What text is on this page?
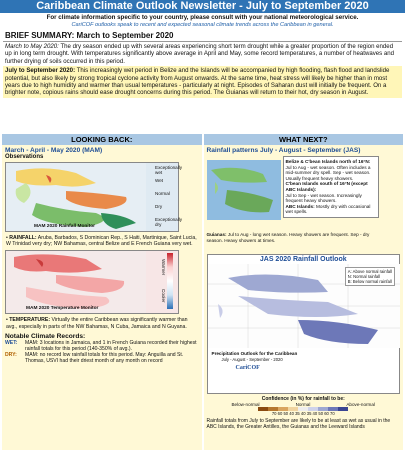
Caribbean Climate Outlook Newsletter - July to September 2020
For climate information specific to your country, please consult with your national meteorological service.
CariCOF outlooks speak to recent and expected seasonal climate trends across the Caribbean in general.
BRIEF SUMMARY: March to September 2020

March to May 2020: The dry season ended up with several areas experiencing short term drought while a greater proportion of the region ended up in long term drought. With temperatures significantly above average in April and May, some record temperatures, a number of heatwaves and further drying of soils occurred in this period.

July to September 2020: This increasingly wet period in Belize and the Islands will be accompanied by high flooding, flash flood and landslide potential, but also likely by strong tropical cyclone activity from August onwards. At the same time, heat stress will likely be higher than in most years due to high humidity and warmer than usual temperatures - particularly at night. Episodes of Saharan dust will initially be frequent. On a brighter note, copious rains should ease drought concerns during this period. The Guianas will return to their hot, dry season in August.

LOOKING BACK:
March - April - May 2020 (MAM)
Observations
Exceptionally wet
Wet
Normal
Dry
Exceptionally dry
MAM 2020 Rainfall Monitor
• RAINFALL: Aruba, Barbados, S Dominican Rep., S Haiti, Martinique, Saint Lucia, W Trinidad very dry; NW Bahamas, central Belize and E French Guiana very wet.
Warmer
Cooler
MAM 2020 Temperature Monitor
• TEMPERATURE: Virtually the entire Caribbean was significantly warmer than avg., especially in parts of the NW Bahamas, N Cuba, Jamaica and N Guyana.
Notable Climate Records:
WET:	MAM: 3 locations in Jamaica, and 1 in French Guiana recorded their highest rainfall totals for this period (140-350% of avg.).
DRY:	MAM: no record low rainfall totals for this period. May: Anguilla and St. Thomas, USVI had their driest month of any month on record
WHAT NEXT?
Rainfall patterns July - August - September (JAS)
Belize & C'bean Islands north of 16°N:
Jul to Aug - wet season. Often includes a mid-summer dry spell. Sep - wet season. Usually frequent heavy showers.
C'bean Islands south of 16°N (except ABC Islands):
Jul to Sep - wet season. Increasingly frequent heavy showers.
ABC Islands: Mostly dry with occasional wet spells.
Guianas: Jul to Aug - long wet season. Heavy showers are frequent. Sep - dry season. Heavy showers at times.
JAS 2020 Rainfall Outlook
A: Above normal rainfall
N: Normal rainfall
B: Below normal rainfall
Precipitation Outlook for the Caribbean
July - August - September - 2020
CariCOF
Confidence (in %) for rainfall to be:
Below-normal	Normal	Above-normal
70 60 50 40 35 40 35 40 50 60 70
Rainfall totals from July to September are likely to be at least as wet as usual in the ABC Islands, the Greater Antilles, the Guianas and the Leeward Islands
